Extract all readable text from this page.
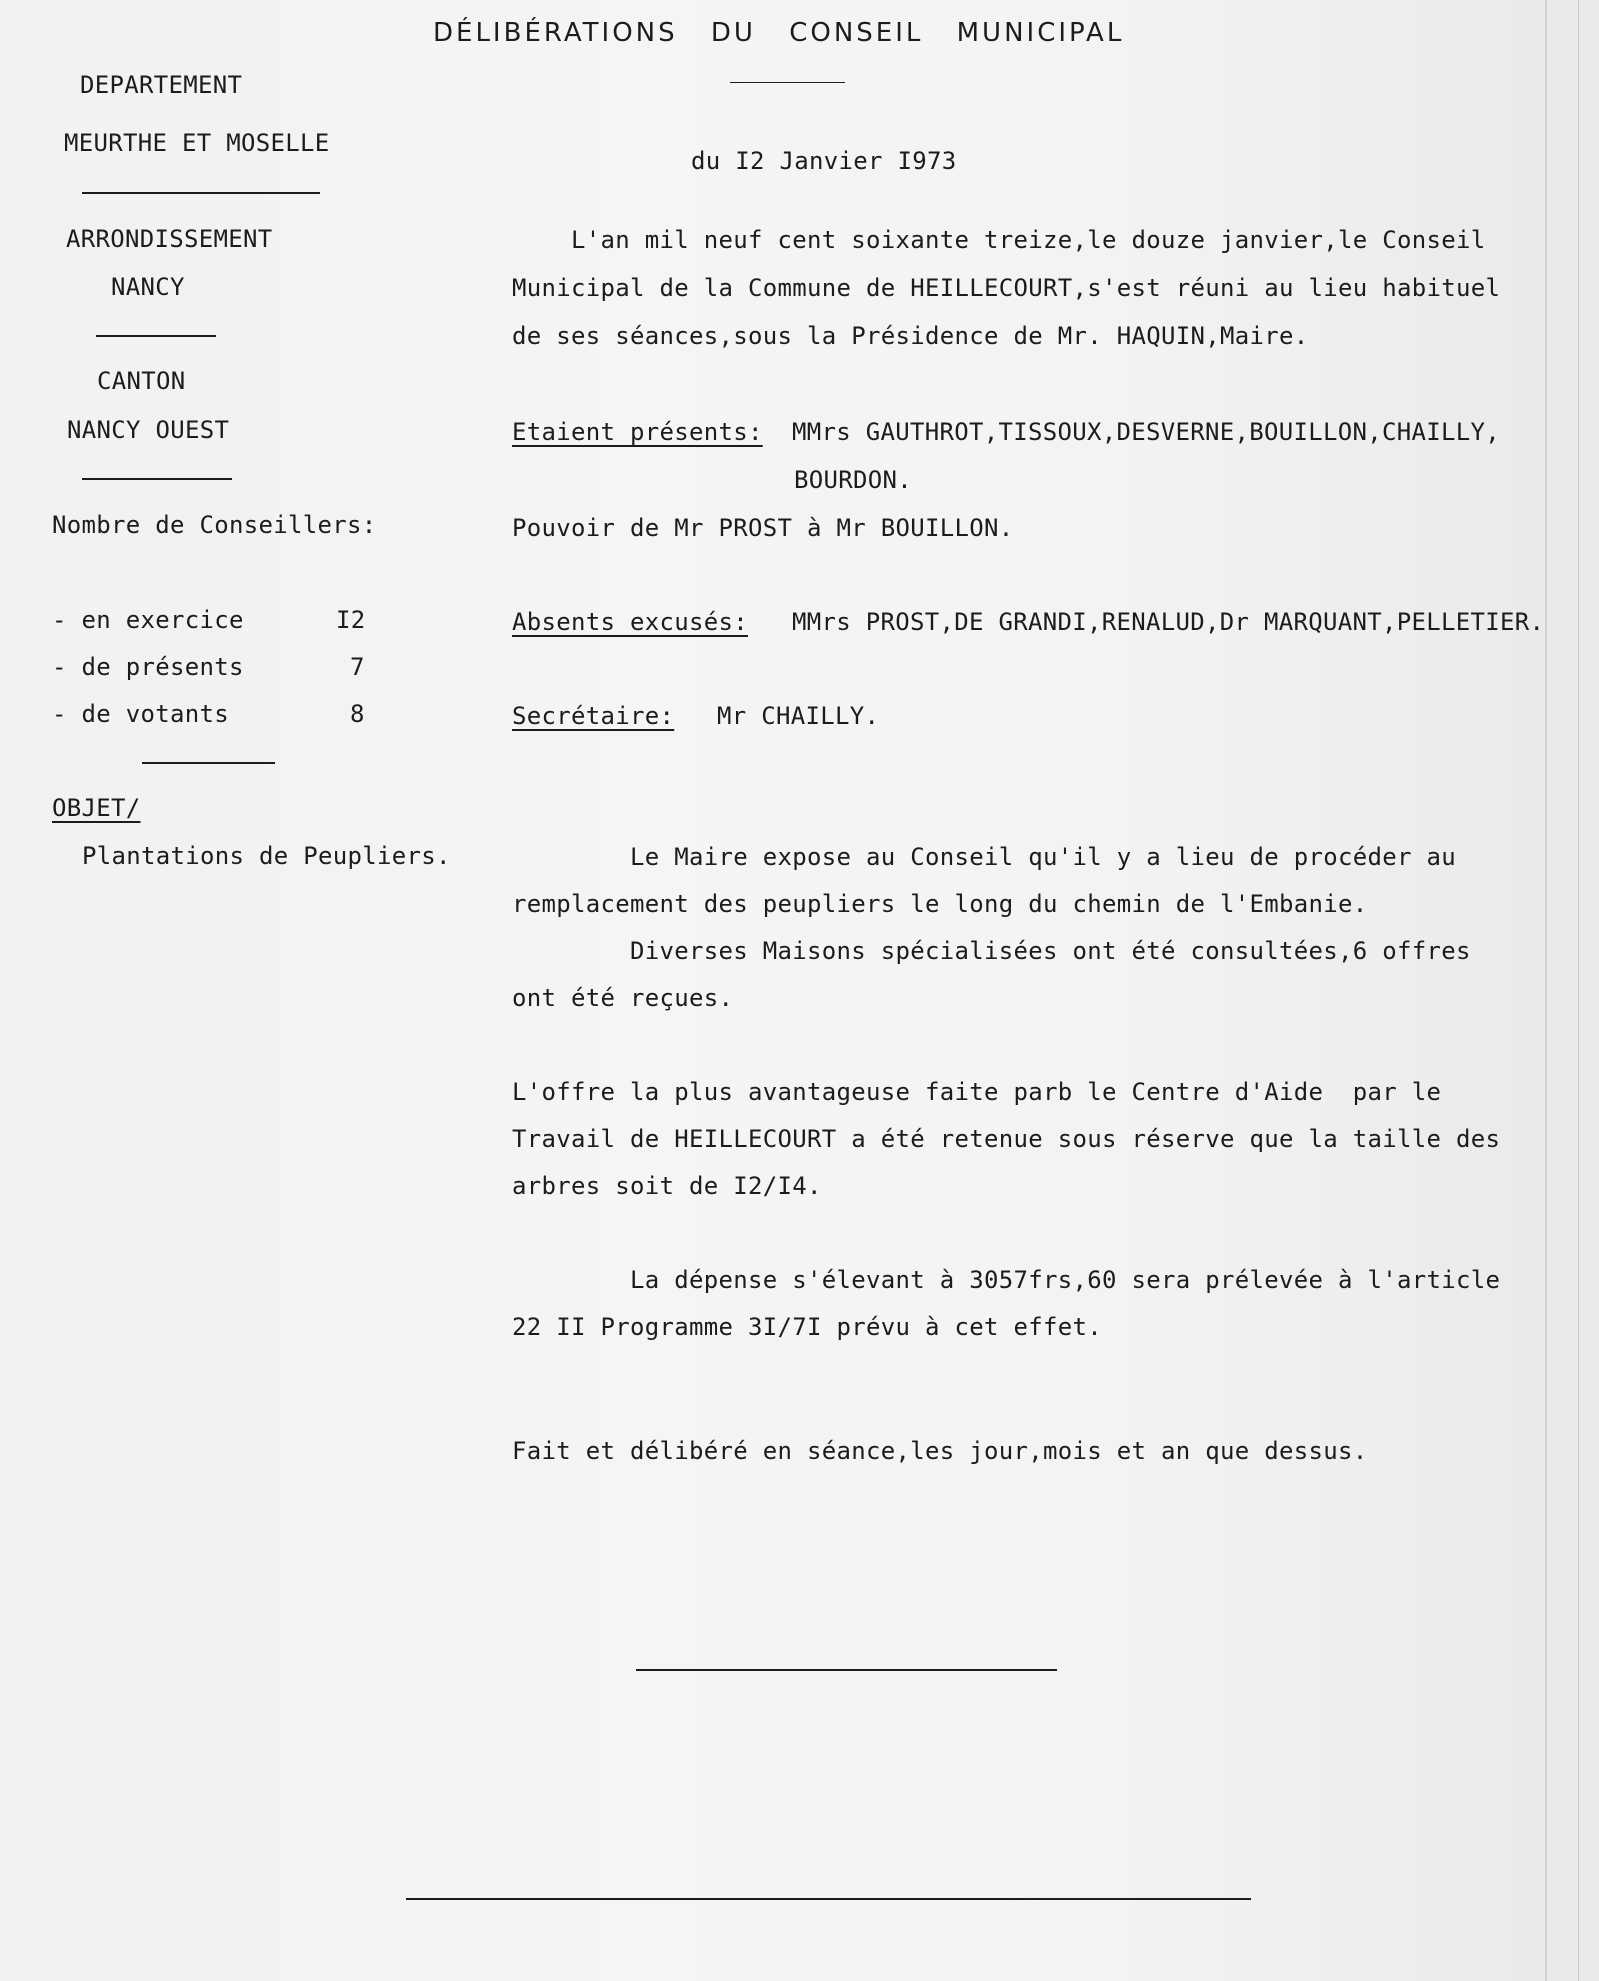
DÉLIBÉRATIONS DU CONSEIL MUNICIPAL
du I2 Janvier I973
DEPARTEMENT
MEURTHE ET MOSELLE
ARRONDISSEMENT
NANCY
CANTON
NANCY OUEST
Nombre de Conseillers:
- en exercice	I2
- de présents	7
- de votants	8
OBJET/
Plantations de Peupliers.
L'an mil neuf cent soixante treize,le douze janvier,le Conseil
Municipal de la Commune de HEILLECOURT,s'est réuni au lieu habituel
de ses séances,sous la Présidence de Mr. HAQUIN,Maire.
Etaient présents: MMrs GAUTHROT,TISSOUX,DESVERNE,BOUILLON,CHAILLY,
BOURDON.
Pouvoir de Mr PROST à Mr BOUILLON.
Absents excusés: MMrs PROST,DE GRANDI,RENALUD,Dr MARQUANT,PELLETIER.
Secrétaire: Mr CHAILLY.
Le Maire expose au Conseil qu'il y a lieu de procéder au
remplacement des peupliers le long du chemin de l'Embanie.
Diverses Maisons spécialisées ont été consultées,6 offres
ont été reçues.
L'offre la plus avantageuse faite parb le Centre d'Aide  par le
Travail de HEILLECOURT a été retenue sous réserve que la taille des
arbres soit de I2/I4.
La dépense s'élevant à 3057frs,60 sera prélevée à l'article
22 II Programme 3I/7I prévu à cet effet.
Fait et délibéré en séance,les jour,mois et an que dessus.
